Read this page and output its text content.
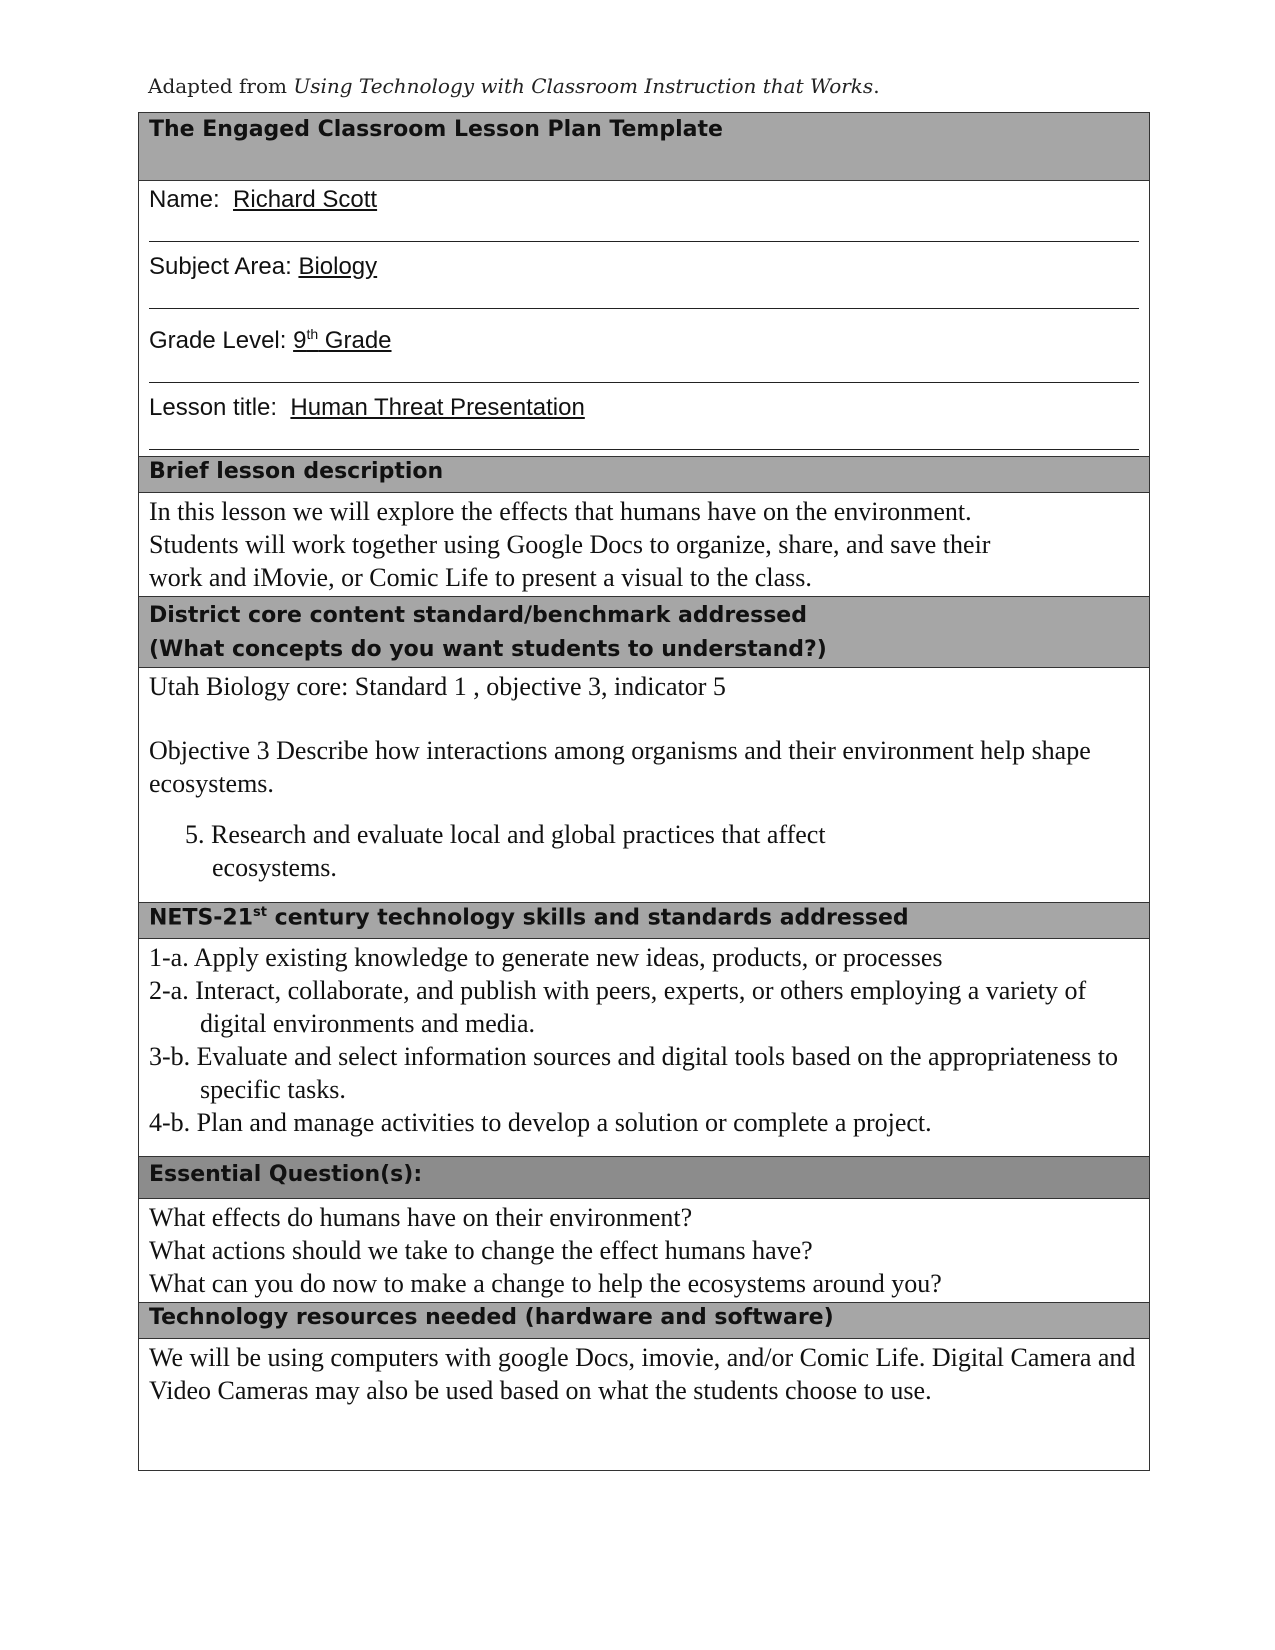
Adapted from Using Technology with Classroom Instruction that Works.
The Engaged Classroom Lesson Plan Template

Name: Richard Scott
Subject Area: Biology
Grade Level: 9th Grade
Lesson title: Human Threat Presentation

Brief lesson description

In this lesson we will explore the effects that humans have on the environment.
Students will work together using Google Docs to organize, share, and save their
work and iMovie, or Comic Life to present a visual to the class.

District core content standard/benchmark addressed
(What concepts do you want students to understand?)

Utah Biology core: Standard 1 , objective 3, indicator 5
Objective 3 Describe how interactions among organisms and their environment help shape ecosystems.
5. Research and evaluate local and global practices that affect
ecosystems.

NETS-21st century technology skills and standards addressed

1-a. Apply existing knowledge to generate new ideas, products, or processes
2-a. Interact, collaborate, and publish with peers, experts, or others employing a variety of digital environments and media.
3-b. Evaluate and select information sources and digital tools based on the appropriateness to specific tasks.
4-b. Plan and manage activities to develop a solution or complete a project.

Essential Question(s):

What effects do humans have on their environment?
What actions should we take to change the effect humans have?
What can you do now to make a change to help the ecosystems around you?

Technology resources needed (hardware and software)
We will be using computers with google Docs, imovie, and/or Comic Life. Digital Camera and Video Cameras may also be used based on what the students choose to use.
